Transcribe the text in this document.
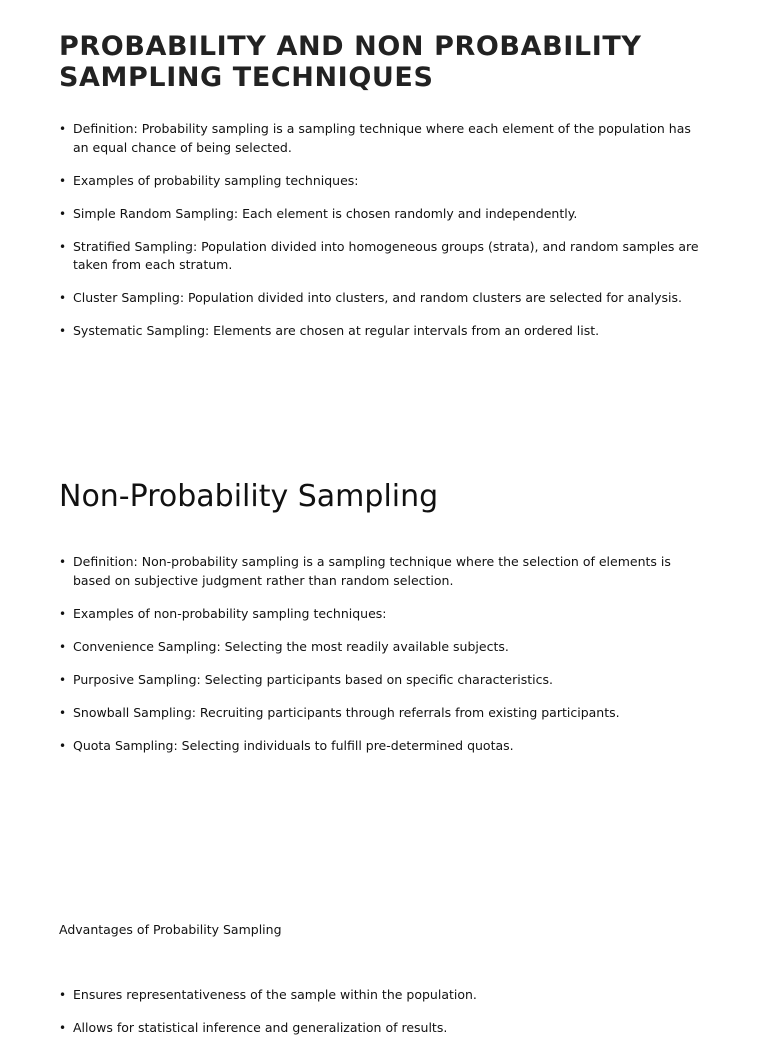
PROBABILITY AND NON PROBABILITY SAMPLING TECHNIQUES
• Definition: Probability sampling is a sampling technique where each element of the population has an equal chance of being selected.
• Examples of probability sampling techniques:
• Simple Random Sampling: Each element is chosen randomly and independently.
• Stratified Sampling: Population divided into homogeneous groups (strata), and random samples are taken from each stratum.
• Cluster Sampling: Population divided into clusters, and random clusters are selected for analysis.
• Systematic Sampling: Elements are chosen at regular intervals from an ordered list.
Non-Probability Sampling
• Definition: Non-probability sampling is a sampling technique where the selection of elements is based on subjective judgment rather than random selection.
• Examples of non-probability sampling techniques:
• Convenience Sampling: Selecting the most readily available subjects.
• Purposive Sampling: Selecting participants based on specific characteristics.
• Snowball Sampling: Recruiting participants through referrals from existing participants.
• Quota Sampling: Selecting individuals to fulfill pre-determined quotas.

Advantages of Probability Sampling

• Ensures representativeness of the sample within the population.
• Allows for statistical inference and generalization of results.
